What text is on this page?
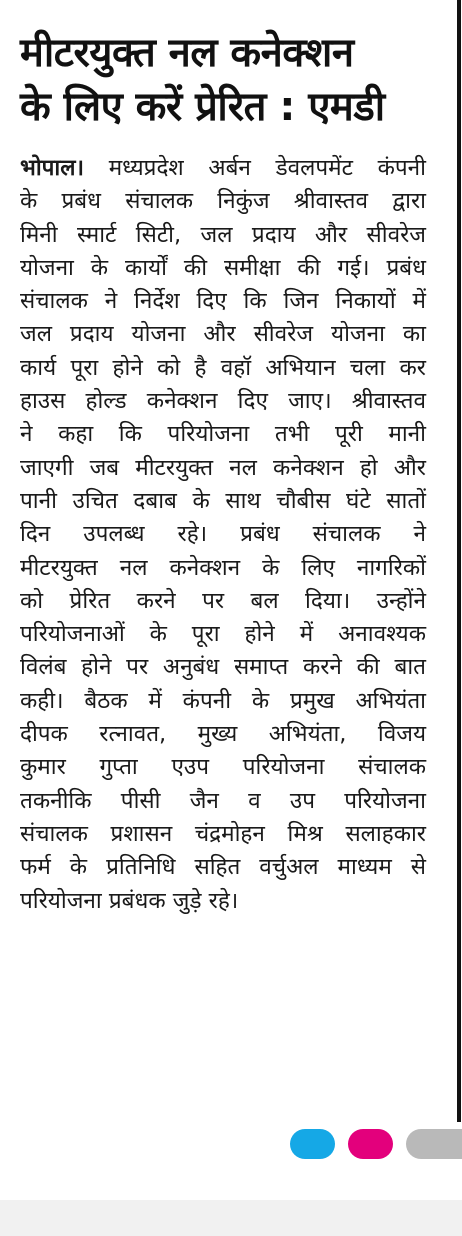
मीटरयुक्त नल कनेक्शन
के लिए करें प्रेरित : एमडी
भोपाल। मध्यप्रदेश अर्बन डेवलपमेंट कंपनी
के प्रबंध संचालक निकुंज श्रीवास्तव द्वारा
मिनी स्मार्ट सिटी, जल प्रदाय और सीवरेज
योजना के कार्यों की समीक्षा की गई। प्रबंध
संचालक ने निर्देश दिए कि जिन निकायों में
जल प्रदाय योजना और सीवरेज योजना का
कार्य पूरा होने को है वहॉ अभियान चला कर
हाउस होल्ड कनेक्शन दिए जाए। श्रीवास्तव
ने कहा कि परियोजना तभी पूरी मानी
जाएगी जब मीटरयुक्त नल कनेक्शन हो और
पानी उचित दबाब के साथ चौबीस घंटे सातों
दिन उपलब्ध रहे। प्रबंध संचालक ने
मीटरयुक्त नल कनेक्शन के लिए नागरिकों
को प्रेरित करने पर बल दिया। उन्होंने
परियोजनाओं के पूरा होने में अनावश्यक
विलंब होने पर अनुबंध समाप्त करने की बात
कही। बैठक में कंपनी के प्रमुख अभियंता
दीपक रत्नावत, मुख्य अभियंता, विजय
कुमार गुप्ता एउप परियोजना संचालक
तकनीकि पीसी जैन व उप परियोजना
संचालक प्रशासन चंद्रमोहन मिश्र सलाहकार
फर्म के प्रतिनिधि सहित वर्चुअल माध्यम से
परियोजना प्रबंधक जुड़े रहे।
